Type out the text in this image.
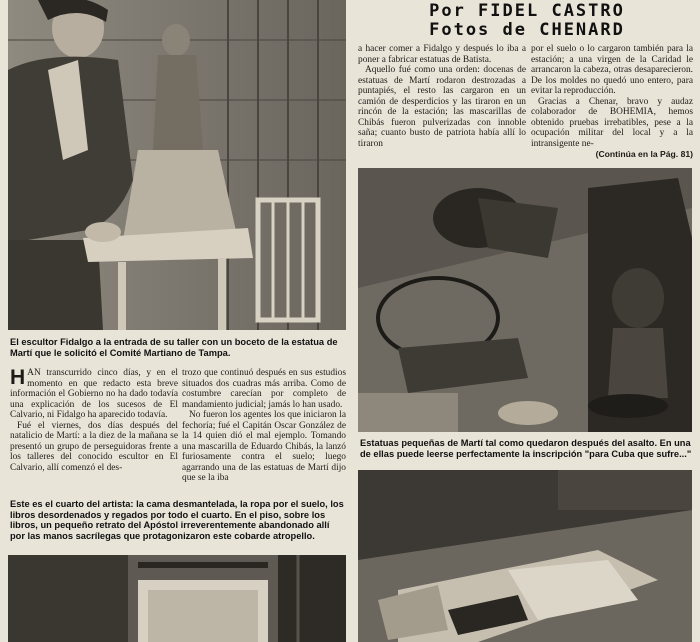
El escultor Fidalgo a la entrada de su taller con un boceto de la estatua de Martí que le solicitó el Comité Martiano de Tampa.
Por FIDEL CASTRO
Fotos de CHENARD

HAN transcurrido cinco días, y en el momento en que redacto esta breve información el Gobierno no ha dado todavía una explicación de los sucesos de El Calvario, ni Fidalgo ha aparecido todavía.

Fué el viernes, dos días después del natalicio de Martí: a la diez de la mañana se presentó un grupo de perseguidoras frente a los talleres del conocido escultor en El Calvario, allí comenzó el des-

trozo que continuó después en sus estudios situados dos cuadras más arriba. Como de costumbre carecían por completo de mandamiento judicial; jamás lo han usado.

No fueron los agentes los que iniciaron la fechoría; fué el Capitán Oscar González de la 14 quien dió el mal ejemplo. Tomando una mascarilla de Eduardo Chibás, la lanzó furiosamente contra el suelo; luego agarrando una de las estatuas de Martí dijo que se la iba

a hacer comer a Fidalgo y después lo iba a poner a fabricar estatuas de Batista.

Aquello fué como una orden: docenas de estatuas de Martí rodaron destrozadas a puntapiés, el resto las cargaron en un camión de desperdicios y las tiraron en un rincón de la estación; las mascarillas de Chibás fueron pulverizadas con innoble saña; cuanto busto de patriota había allí lo tiraron

por el suelo o lo cargaron también para la estación; a una virgen de la Caridad le arrancaron la cabeza, otras desaparecieron. De los moldes no quedó uno entero, para evitar la reproducción.

Gracias a Chenar, bravo y audaz colaborador de BOHEMIA, hemos obtenido pruebas irrebatibles, pese a la ocupación militar del local y a la intransigente ne-

(Continúa en la Pág. 81)
Estatuas pequeñas de Martí tal como quedaron después del asalto. En una de ellas puede leerse perfectamente la inscripción "para Cuba que sufre..."
Este es el cuarto del artista: la cama desmantelada, la ropa por el suelo, los libros desordenados y regados por todo el cuarto. En el piso, sobre los libros, un pequeño retrato del Apóstol irreverentemente abandonado allí por las manos sacrílegas que protagonizaron este cobarde atropello.
